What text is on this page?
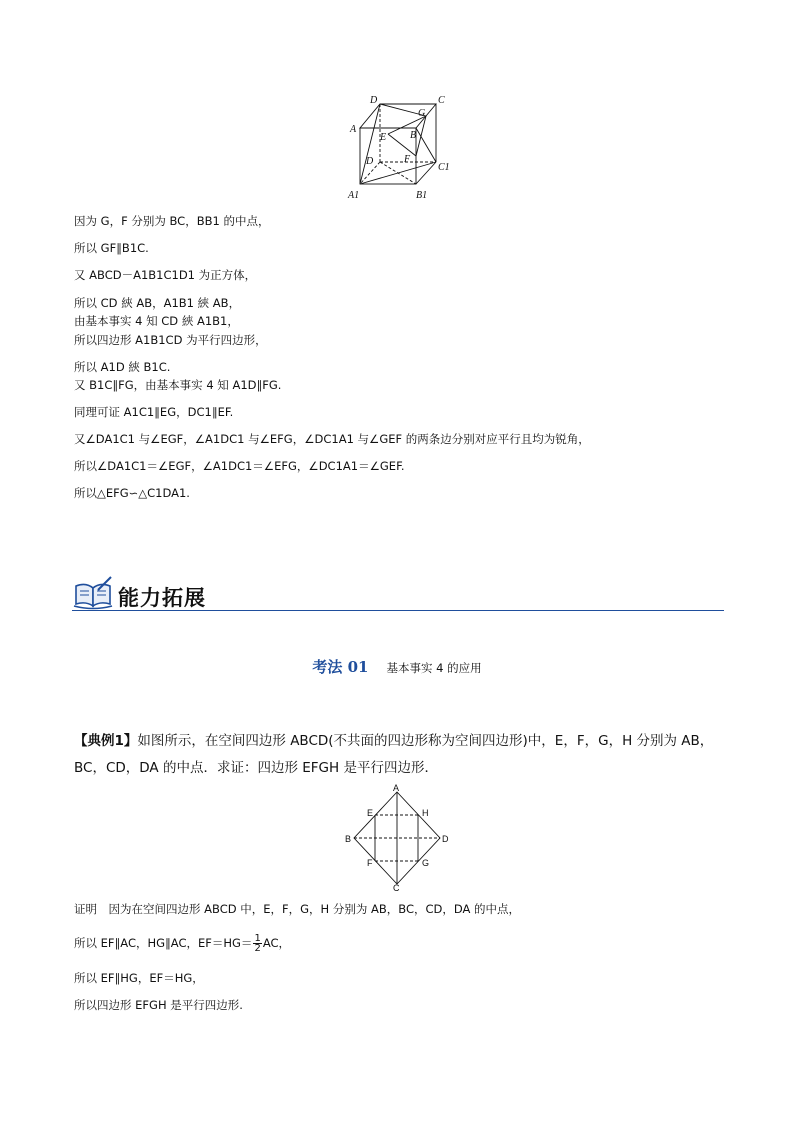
D	C
A
G
B
E
D	F
C1
A1	B1
因为 G，F 分别为 BC，BB1 的中点，
所以 GF∥B1C.
又 ABCD－A1B1C1D1 为正方体，
所以 CD 綊 AB，A1B1 綊 AB，
由基本事实 4 知 CD 綊 A1B1，
所以四边形 A1B1CD 为平行四边形，
所以 A1D 綊 B1C.
又 B1C∥FG，由基本事实 4 知 A1D∥FG.
同理可证 A1C1∥EG，DC1∥EF.
又∠DA1C1 与∠EGF，∠A1DC1 与∠EFG，∠DC1A1 与∠GEF 的两条边分别对应平行且均为锐角，
所以∠DA1C1＝∠EGF，∠A1DC1＝∠EFG，∠DC1A1＝∠GEF.
所以△EFG∽△C1DA1.
能力拓展
考法 01 基本事实 4 的应用
【典例1】如图所示，在空间四边形 ABCD(不共面的四边形称为空间四边形)中，E，F，G，H 分别为 AB，
BC，CD，DA 的中点．求证：四边形 EFGH 是平行四边形．
A
E	H
B	D
F	G
C
证明　因为在空间四边形 ABCD 中，E，F，G，H 分别为 AB，BC，CD，DA 的中点，
所以 EF∥AC，HG∥AC，$EF=HG= \frac{1}{2}$ AC，
所以 EF∥HG，EF＝HG，
所以四边形 EFGH 是平行四边形.
